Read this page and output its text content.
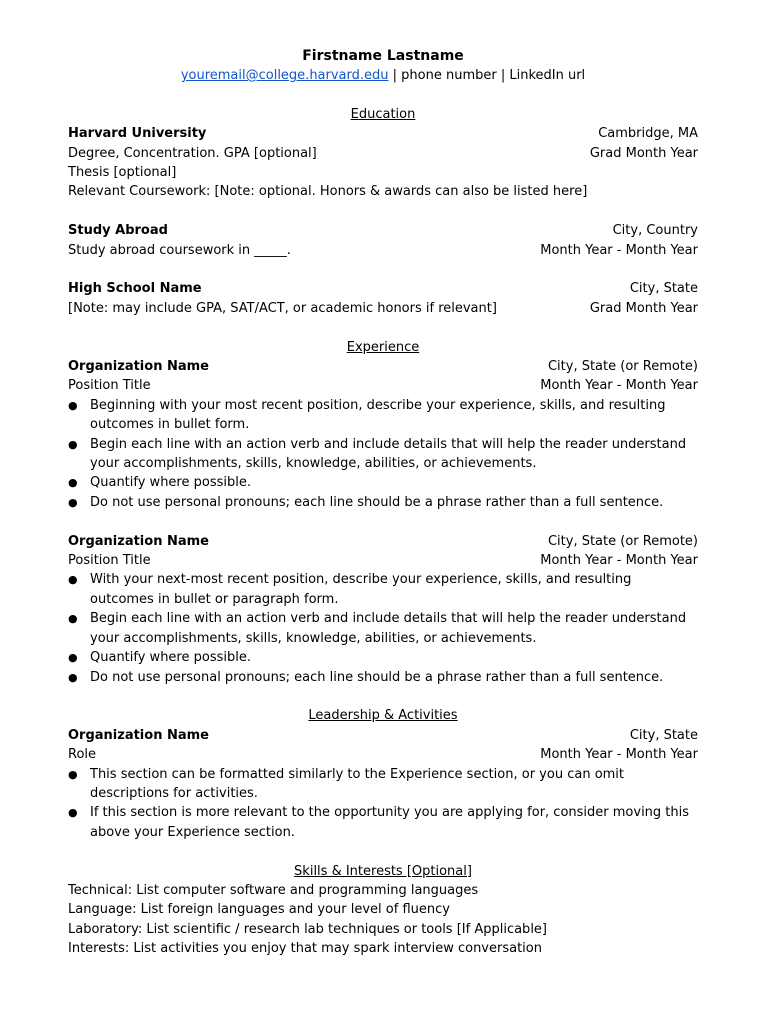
Firstname Lastname
youremail@college.harvard.edu | phone number | LinkedIn url
Education
Harvard University	Cambridge, MA
Degree, Concentration. GPA [optional]	Grad Month Year
Thesis [optional]
Relevant Coursework: [Note: optional. Honors & awards can also be listed here]
Study Abroad	City, Country
Study abroad coursework in _____.	Month Year - Month Year
High School Name	City, State
[Note: may include GPA, SAT/ACT, or academic honors if relevant]	Grad Month Year
Experience
Organization Name	City, State (or Remote)
Position Title	Month Year - Month Year
● Beginning with your most recent position, describe your experience, skills, and resulting outcomes in bullet form.
● Begin each line with an action verb and include details that will help the reader understand your accomplishments, skills, knowledge, abilities, or achievements.
● Quantify where possible.
● Do not use personal pronouns; each line should be a phrase rather than a full sentence.
Organization Name	City, State (or Remote)
Position Title	Month Year - Month Year
● With your next-most recent position, describe your experience, skills, and resulting outcomes in bullet or paragraph form.
● Begin each line with an action verb and include details that will help the reader understand your accomplishments, skills, knowledge, abilities, or achievements.
● Quantify where possible.
● Do not use personal pronouns; each line should be a phrase rather than a full sentence.
Leadership & Activities
Organization Name	City, State
Role	Month Year - Month Year
● This section can be formatted similarly to the Experience section, or you can omit descriptions for activities.
● If this section is more relevant to the opportunity you are applying for, consider moving this above your Experience section.
Skills & Interests [Optional]
Technical: List computer software and programming languages
Language: List foreign languages and your level of fluency
Laboratory: List scientific / research lab techniques or tools [If Applicable]
Interests: List activities you enjoy that may spark interview conversation
